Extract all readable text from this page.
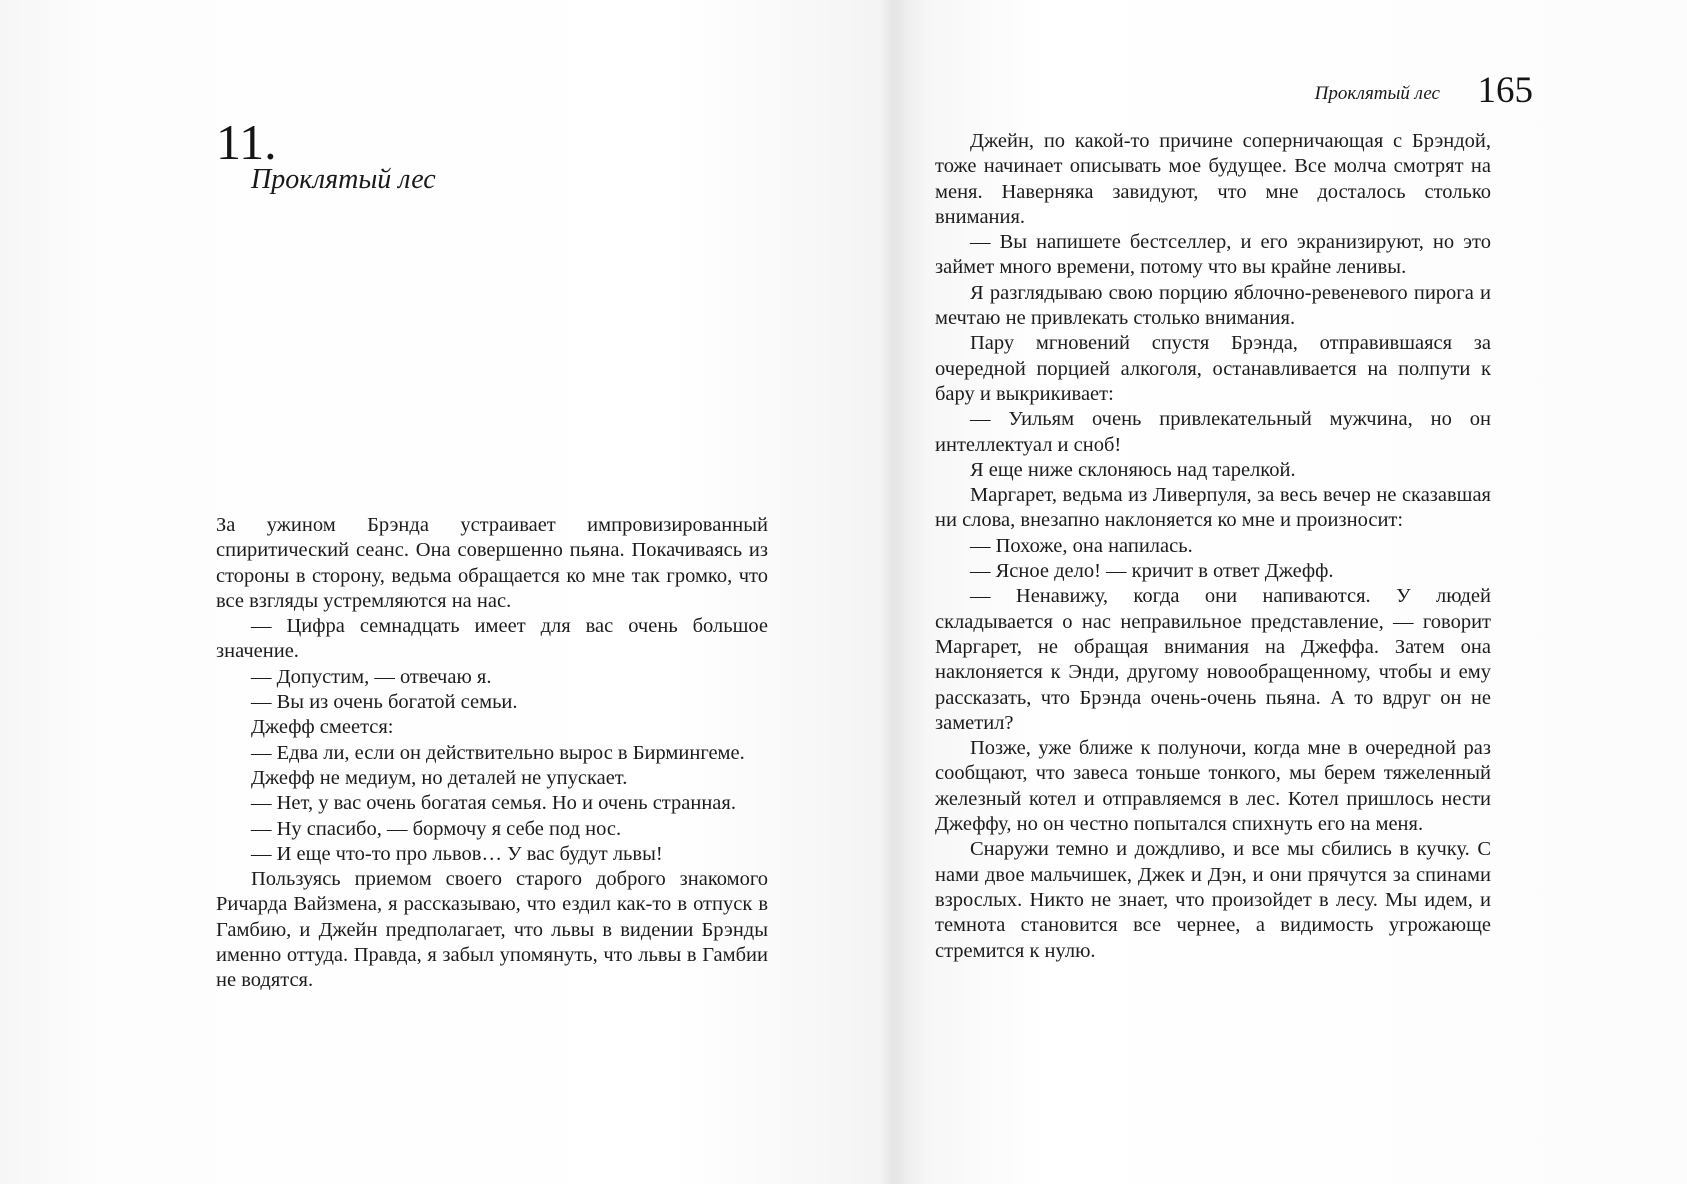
11.
Проклятый лес

За ужином Брэнда устраивает импровизированный спиритический сеанс. Она совершенно пьяна. Покачиваясь из стороны в сторону, ведьма обращается ко мне так громко, что все взгляды устремляются на нас.

— Цифра семнадцать имеет для вас очень большое значение.

— Допустим, — отвечаю я.

— Вы из очень богатой семьи.

Джефф смеется:

— Едва ли, если он действительно вырос в Бирмингеме.

Джефф не медиум, но деталей не упускает.

— Нет, у вас очень богатая семья. Но и очень странная.

— Ну спасибо, — бормочу я себе под нос.

— И еще что-то про львов… У вас будут львы!

Пользуясь приемом своего старого доброго знакомого Ричарда Вайзмена, я рассказываю, что ездил как-то в отпуск в Гамбию, и Джейн предполагает, что львы в видении Брэнды именно оттуда. Правда, я забыл упомянуть, что львы в Гамбии не водятся.

Проклятый лес 165

Джейн, по какой-то причине соперничающая с Брэндой, тоже начинает описывать мое будущее. Все молча смотрят на меня. Наверняка завидуют, что мне досталось столько внимания.

— Вы напишете бестселлер, и его экранизируют, но это займет много времени, потому что вы крайне ленивы.

Я разглядываю свою порцию яблочно-ревеневого пирога и мечтаю не привлекать столько внимания.

Пару мгновений спустя Брэнда, отправившаяся за очередной порцией алкоголя, останавливается на полпути к бару и выкрикивает:

— Уильям очень привлекательный мужчина, но он интеллектуал и сноб!

Я еще ниже склоняюсь над тарелкой.

Маргарет, ведьма из Ливерпуля, за весь вечер не сказавшая ни слова, внезапно наклоняется ко мне и произносит:

— Похоже, она напилась.

— Ясное дело! — кричит в ответ Джефф.

— Ненавижу, когда они напиваются. У людей складывается о нас неправильное представление, — говорит Маргарет, не обращая внимания на Джеффа. Затем она наклоняется к Энди, другому новообращенному, чтобы и ему рассказать, что Брэнда очень-очень пьяна. А то вдруг он не заметил?

Позже, уже ближе к полуночи, когда мне в очередной раз сообщают, что завеса тоньше тонкого, мы берем тяжеленный железный котел и отправляемся в лес. Котел пришлось нести Джеффу, но он честно попытался спихнуть его на меня.

Снаружи темно и дождливо, и все мы сбились в кучку. С нами двое мальчишек, Джек и Дэн, и они прячутся за спинами взрослых. Никто не знает, что произойдет в лесу. Мы идем, и темнота становится все чернее, а видимость угрожающе стремится к нулю.
